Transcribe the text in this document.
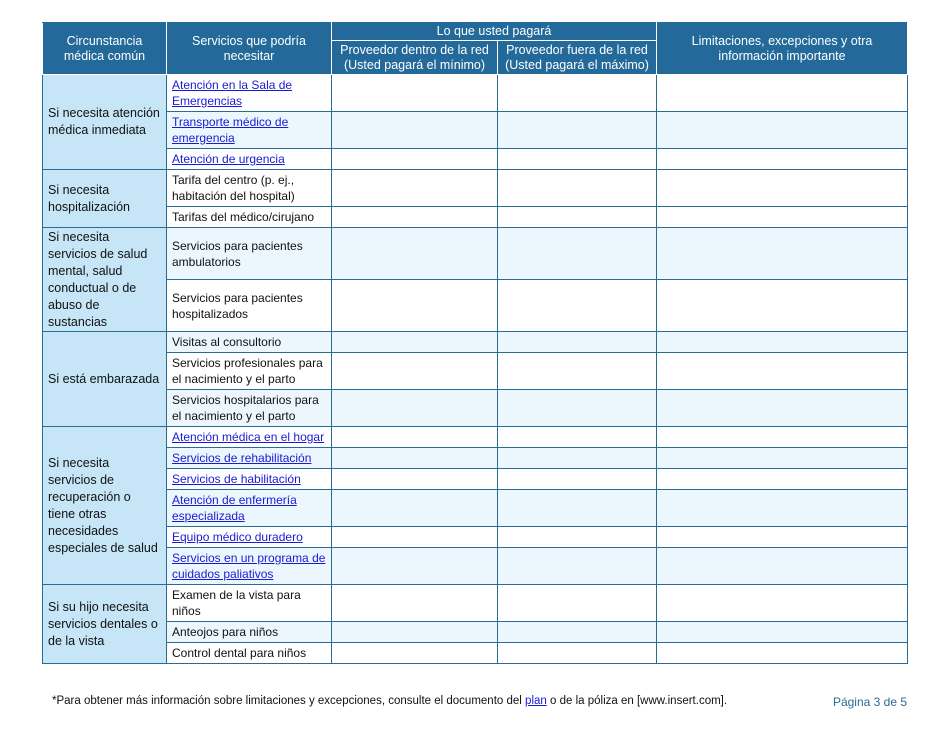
Circunstancia médica común	Servicios que podría necesitar	Lo que usted pagará		Limitaciones, excepciones y otra información importante
		Proveedor dentro de la red (Usted pagará el mínimo)	Proveedor fuera de la red (Usted pagará el máximo)	
Si necesita atención médica inmediata	Atención en la Sala de Emergencias			
	Transporte médico de emergencia			
	Atención de urgencia			
Si necesita hospitalización	Tarifa del centro (p. ej., habitación del hospital)			
	Tarifas del médico/cirujano			
Si necesita servicios de salud mental, salud conductual o de abuso de sustancias	Servicios para pacientes ambulatorios			
	Servicios para pacientes hospitalizados			
Si está embarazada	Visitas al consultorio			
	Servicios profesionales para el nacimiento y el parto			
	Servicios hospitalarios para el nacimiento y el parto			
Si necesita servicios de recuperación o tiene otras necesidades especiales de salud	Atención médica en el hogar			
	Servicios de rehabilitación			
	Servicios de habilitación			
	Atención de enfermería especializada			
	Equipo médico duradero			
	Servicios en un programa de cuidados paliativos			
Si su hijo necesita servicios dentales o de la vista	Examen de la vista para niños			
	Anteojos para niños			
	Control dental para niños			
*Para obtener más información sobre limitaciones y excepciones, consulte el documento del plan o de la póliza en [www.insert.com].	Página 3 de 5
